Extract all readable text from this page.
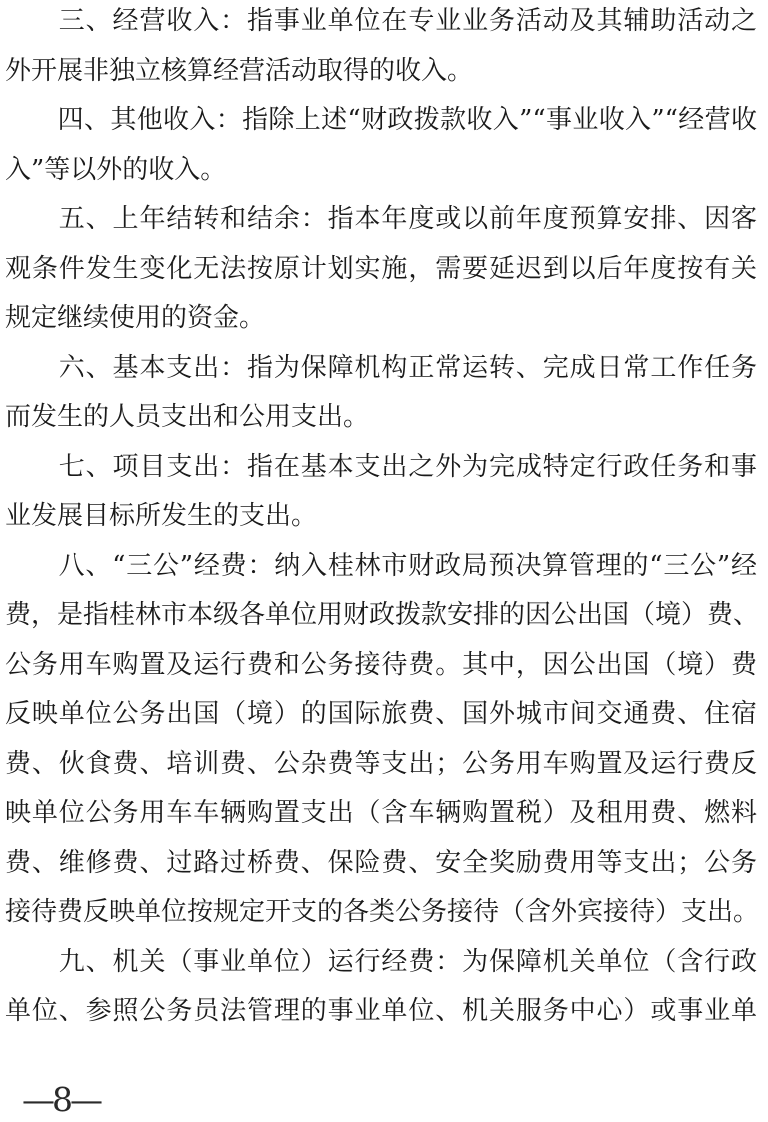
　　三、经营收入：指事业单位在专业业务活动及其辅助活动之
外开展非独立核算经营活动取得的收入。
　　四、其他收入：指除上述“财政拨款收入”“事业收入”“经营收
入”等以外的收入。
　　五、上年结转和结余：指本年度或以前年度预算安排、因客
观条件发生变化无法按原计划实施，需要延迟到以后年度按有关
规定继续使用的资金。
　　六、基本支出：指为保障机构正常运转、完成日常工作任务
而发生的人员支出和公用支出。
　　七、项目支出：指在基本支出之外为完成特定行政任务和事
业发展目标所发生的支出。
　　八、“三公”经费：纳入桂林市财政局预决算管理的“三公”经
费，是指桂林市本级各单位用财政拨款安排的因公出国（境）费、
公务用车购置及运行费和公务接待费。其中，因公出国（境）费
反映单位公务出国（境）的国际旅费、国外城市间交通费、住宿
费、伙食费、培训费、公杂费等支出；公务用车购置及运行费反
映单位公务用车车辆购置支出（含车辆购置税）及租用费、燃料
费、维修费、过路过桥费、保险费、安全奖励费用等支出；公务
接待费反映单位按规定开支的各类公务接待（含外宾接待）支出。
　　九、机关（事业单位）运行经费：为保障机关单位（含行政
单位、参照公务员法管理的事业单位、机关服务中心）或事业单
—8—
